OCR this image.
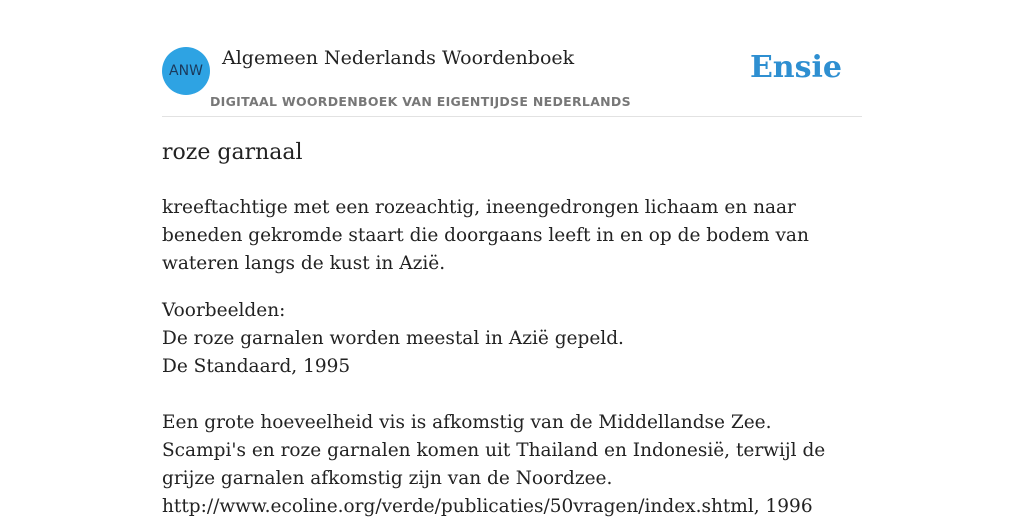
ANW
Algemeen Nederlands Woordenboek
DIGITAAL WOORDENBOEK VAN EIGENTIJDSE NEDERLANDS
Ensie
roze garnaal

kreeftachtige met een rozeachtig, ineengedrongen lichaam en naar beneden gekromde staart die doorgaans leeft in en op de bodem van wateren langs de kust in Azië.

Voorbeelden:

De roze garnalen worden meestal in Azië gepeld.

De Standaard, 1995

Een grote hoeveelheid vis is afkomstig van de Middellandse Zee. Scampi's en roze garnalen komen uit Thailand en Indonesië, terwijl de grijze garnalen afkomstig zijn van de Noordzee.

http://www.ecoline.org/verde/publicaties/50vragen/index.shtml, 1996
